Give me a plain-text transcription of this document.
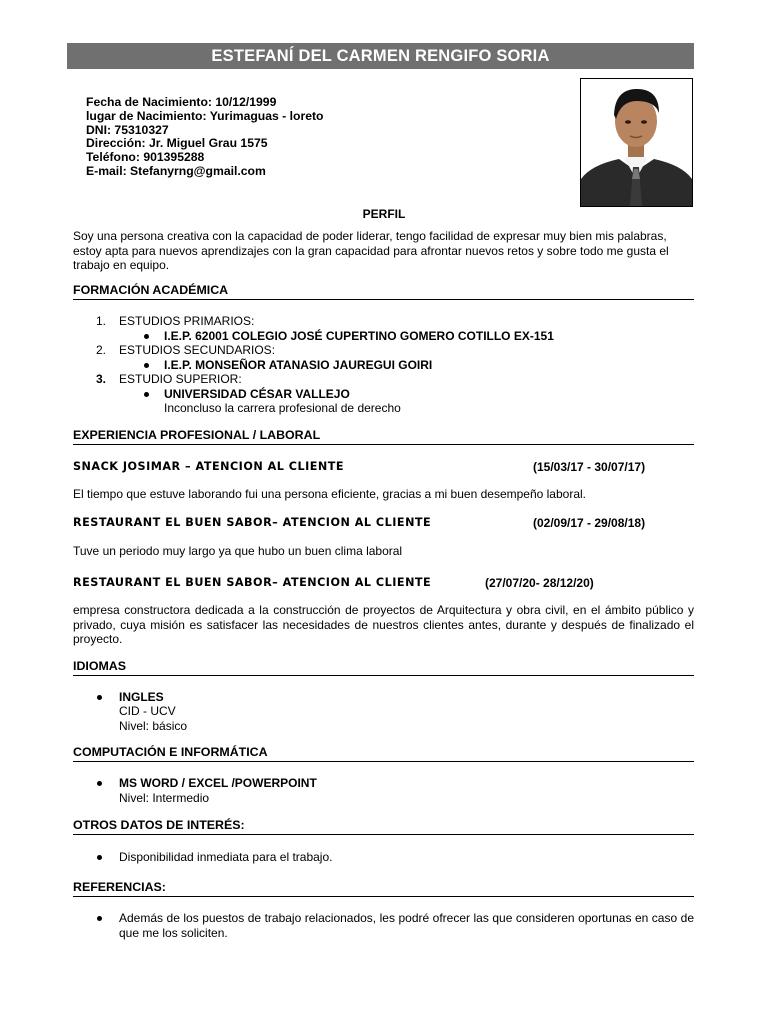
ESTEFANÍ DEL CARMEN RENGIFO SORIA
Fecha de Nacimiento: 10/12/1999
lugar de Nacimiento: Yurimaguas - loreto
DNI: 75310327
Dirección: Jr. Miguel Grau 1575
Teléfono: 901395288
E-mail: Stefanyrng@gmail.com
PERFIL
Soy una persona creativa con la capacidad de poder liderar, tengo facilidad de expresar muy bien mis palabras, estoy apta para nuevos aprendizajes con la gran capacidad para afrontar nuevos retos y sobre todo me gusta el trabajo en equipo.
FORMACIÓN ACADÉMICA
1. ESTUDIOS PRIMARIOS:
I.E.P. 62001 COLEGIO JOSÉ CUPERTINO GOMERO COTILLO EX-151
2. ESTUDIOS SECUNDARIOS:
I.E.P. MONSEÑOR ATANASIO JAUREGUI GOIRI
3. ESTUDIO SUPERIOR:
UNIVERSIDAD CÉSAR VALLEJO
Inconcluso la carrera profesional de derecho
EXPERIENCIA PROFESIONAL / LABORAL
SNACK JOSIMAR – ATENCION AL CLIENTE	(15/03/17 - 30/07/17)
El tiempo que estuve laborando fui una persona eficiente, gracias a mi buen desempeño laboral.
RESTAURANT EL BUEN SABOR– ATENCION AL CLIENTE	(02/09/17 - 29/08/18)
Tuve un periodo muy largo ya que hubo un buen clima laboral
RESTAURANT EL BUEN SABOR– ATENCION AL CLIENTE	(27/07/20- 28/12/20)
empresa constructora dedicada a la construcción de proyectos de Arquitectura y obra civil, en el ámbito público y privado, cuya misión es satisfacer las necesidades de nuestros clientes antes, durante y después de finalizado el proyecto.
IDIOMAS
INGLES
CID - UCV
Nivel: básico
COMPUTACIÓN E INFORMÁTICA
MS WORD / EXCEL /POWERPOINT
Nivel: Intermedio
OTROS DATOS DE INTERÉS:
Disponibilidad inmediata para el trabajo.
REFERENCIAS:
Además de los puestos de trabajo relacionados, les podré ofrecer las que consideren oportunas en caso de que me los soliciten.
